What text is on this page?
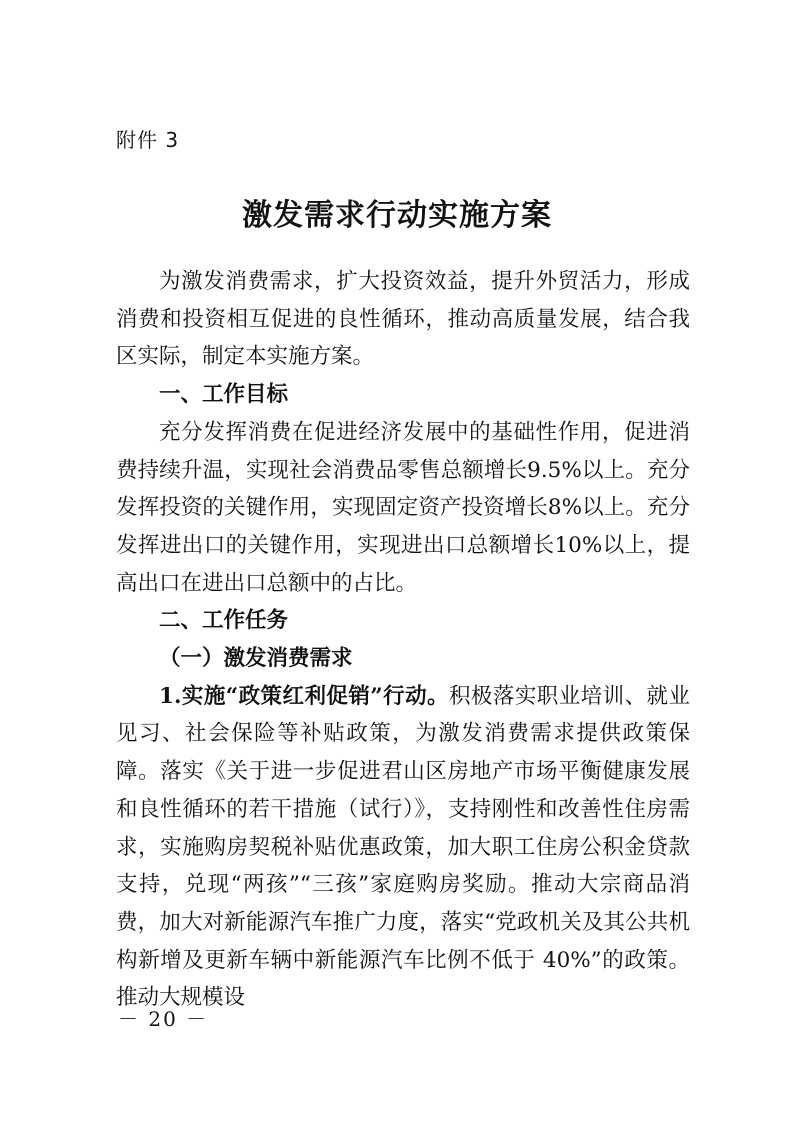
附件 3
激发需求行动实施方案

为激发消费需求，扩大投资效益，提升外贸活力，形成消费和投资相互促进的良性循环，推动高质量发展，结合我区实际，制定本实施方案。

一、工作目标

充分发挥消费在促进经济发展中的基础性作用，促进消费持续升温，实现社会消费品零售总额增长9.5%以上。充分发挥投资的关键作用，实现固定资产投资增长8%以上。充分发挥进出口的关键作用，实现进出口总额增长10%以上，提高出口在进出口总额中的占比。

二、工作任务

（一）激发消费需求

1.实施“政策红利促销”行动。积极落实职业培训、就业见习、社会保险等补贴政策，为激发消费需求提供政策保障。落实《关于进一步促进君山区房地产市场平衡健康发展和良性循环的若干措施（试行）》，支持刚性和改善性住房需求，实施购房契税补贴优惠政策，加大职工住房公积金贷款支持，兑现“两孩”“三孩”家庭购房奖励。推动大宗商品消费，加大对新能源汽车推广力度，落实“党政机关及其公共机构新增及更新车辆中新能源汽车比例不低于 40%”的政策。推动大规模设

－ 20 －
